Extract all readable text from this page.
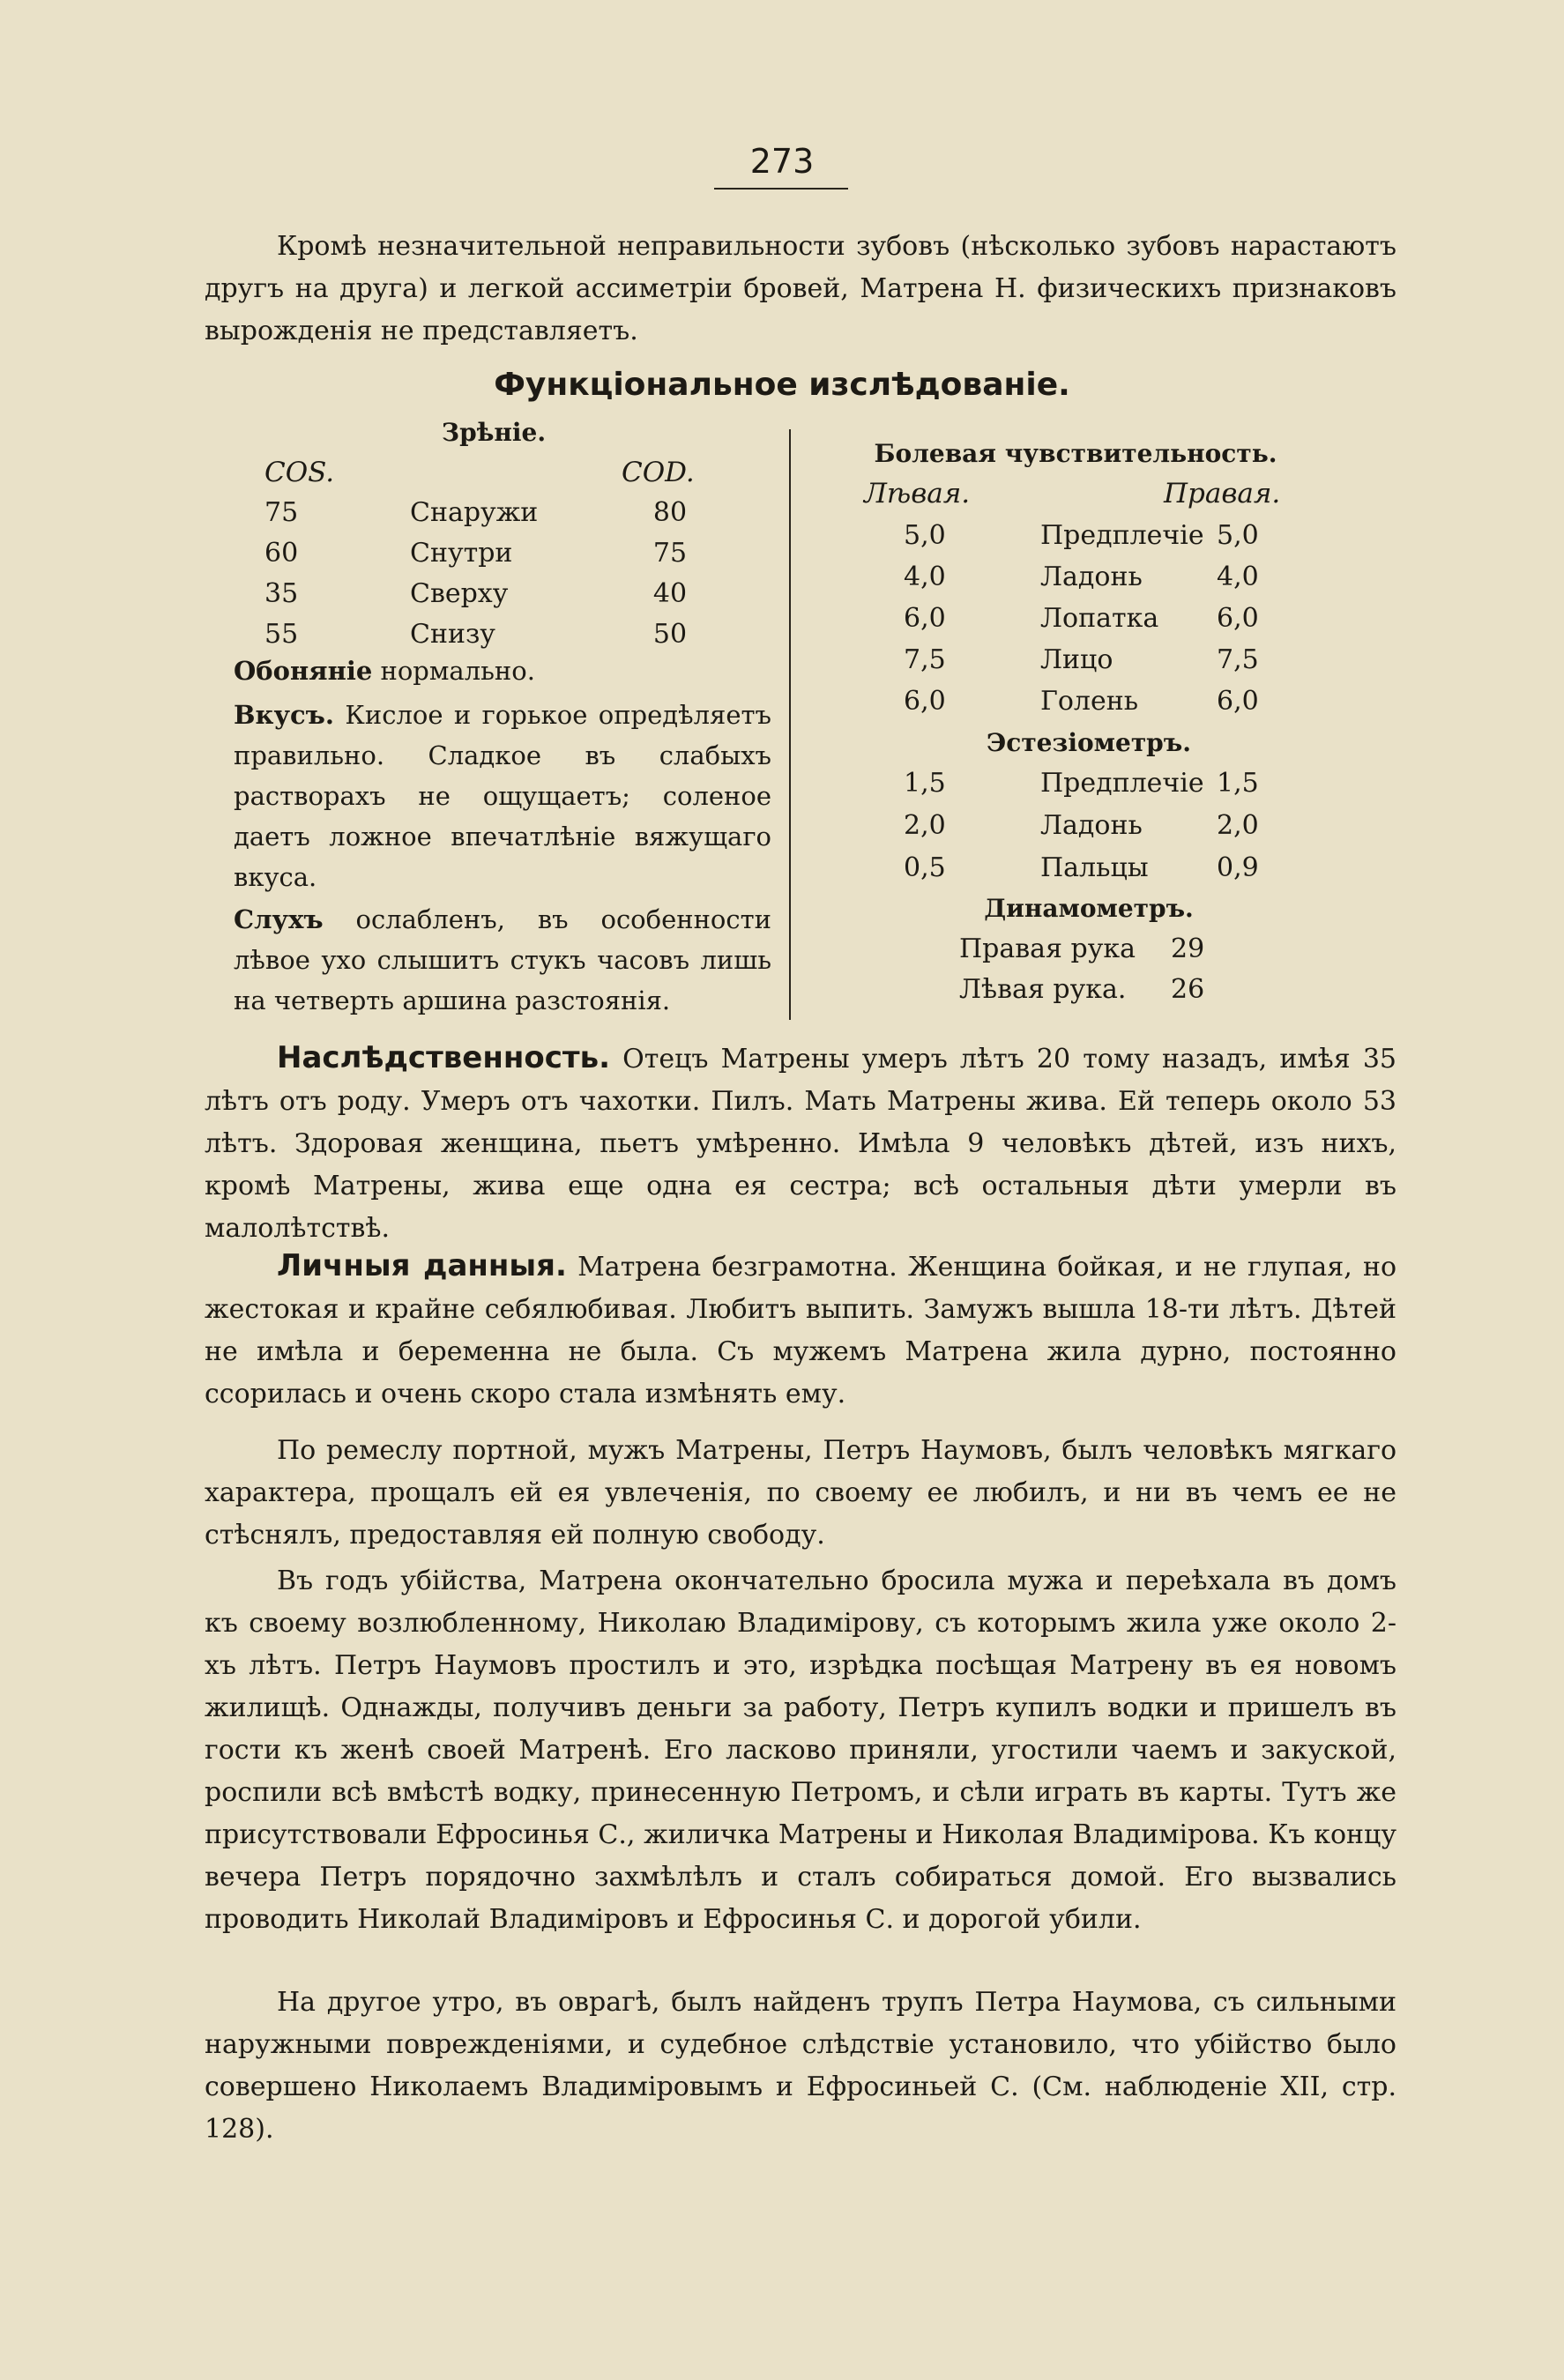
273

Кромѣ незначительной неправильности зубовъ (нѣсколько зубовъ нарастаютъ другъ на друга) и легкой ассиметріи бровей, Матрена Н. физическихъ признаковъ вырожденія не представляетъ.

Функціональное изслѣдованіе.
Зрѣніе.
COS.	COD.
75	Снаружи	80
60	Снутри	75
35	Сверху	40
55	Снизу	50

Обоняніе нормально.

Вкусъ. Кислое и горькое опредѣляетъ правильно. Сладкое въ слабыхъ растворахъ не ощущаетъ; соленое даетъ ложное впечатлѣніе вяжущаго вкуса.

Слухъ ослабленъ, въ особенности лѣвое ухо слышитъ стукъ часовъ лишь на четверть аршина разстоянія.

Болевая чувствительность.
Лѣвая.	Правая.
5,0	Предплечіе 5,0
4,0	Ладонь	4,0
6,0	Лопатка 6,0
7,5	Лицо	7,5
6,0	Голень	6,0
Эстезіометръ.
1,5	Предплечіе 1,5
2,0	Ладонь	2,0
0,5	Пальцы	0,9
Динамометръ.
Правая рука 29
Лѣвая рука. 26

Наслѣдственность. Отецъ Матрены умеръ лѣтъ 20 тому назадъ, имѣя 35 лѣтъ отъ роду. Умеръ отъ чахотки. Пилъ. Мать Матрены жива. Ей теперь около 53 лѣтъ. Здоровая женщина, пьетъ умѣренно. Имѣла 9 человѣкъ дѣтей, изъ нихъ, кромѣ Матрены, жива еще одна ея сестра; всѣ остальныя дѣти умерли въ малолѣтствѣ.

Личныя данныя. Матрена безграмотна. Женщина бойкая, и не глупая, но жестокая и крайне себялюбивая. Любитъ выпить. Замужъ вышла 18-ти лѣтъ. Дѣтей не имѣла и беременна не была. Съ мужемъ Матрена жила дурно, постоянно ссорилась и очень скоро стала измѣнять ему.

По ремеслу портной, мужъ Матрены, Петръ Наумовъ, былъ человѣкъ мягкаго характера, прощалъ ей ея увлеченія, по своему ее любилъ, и ни въ чемъ ее не стѣснялъ, предоставляя ей полную свободу.

Въ годъ убійства, Матрена окончательно бросила мужа и переѣхала въ домъ къ своему возлюбленному, Николаю Владимірову, съ которымъ жила уже около 2-хъ лѣтъ. Петръ Наумовъ простилъ и это, изрѣдка посѣщая Матрену въ ея новомъ жилищѣ. Однажды, получивъ деньги за работу, Петръ купилъ водки и пришелъ въ гости къ женѣ своей Матренѣ. Его ласково приняли, угостили чаемъ и закуской, роспили всѣ вмѣстѣ водку, принесенную Петромъ, и сѣли играть въ карты. Тутъ же присутствовали Ефросинья С., жиличка Матрены и Николая Владимірова. Къ концу вечера Петръ порядочно захмѣлѣлъ и сталъ собираться домой. Его вызвались проводить Николай Владиміровъ и Ефросинья С. и дорогой убили.

На другое утро, въ оврагѣ, былъ найденъ трупъ Петра Наумова, съ сильными наружными поврежденіями, и судебное слѣдствіе установило, что убійство было совершено Николаемъ Владиміровымъ и Ефросиньей С. (См. наблюденіе XII, стр. 128).
